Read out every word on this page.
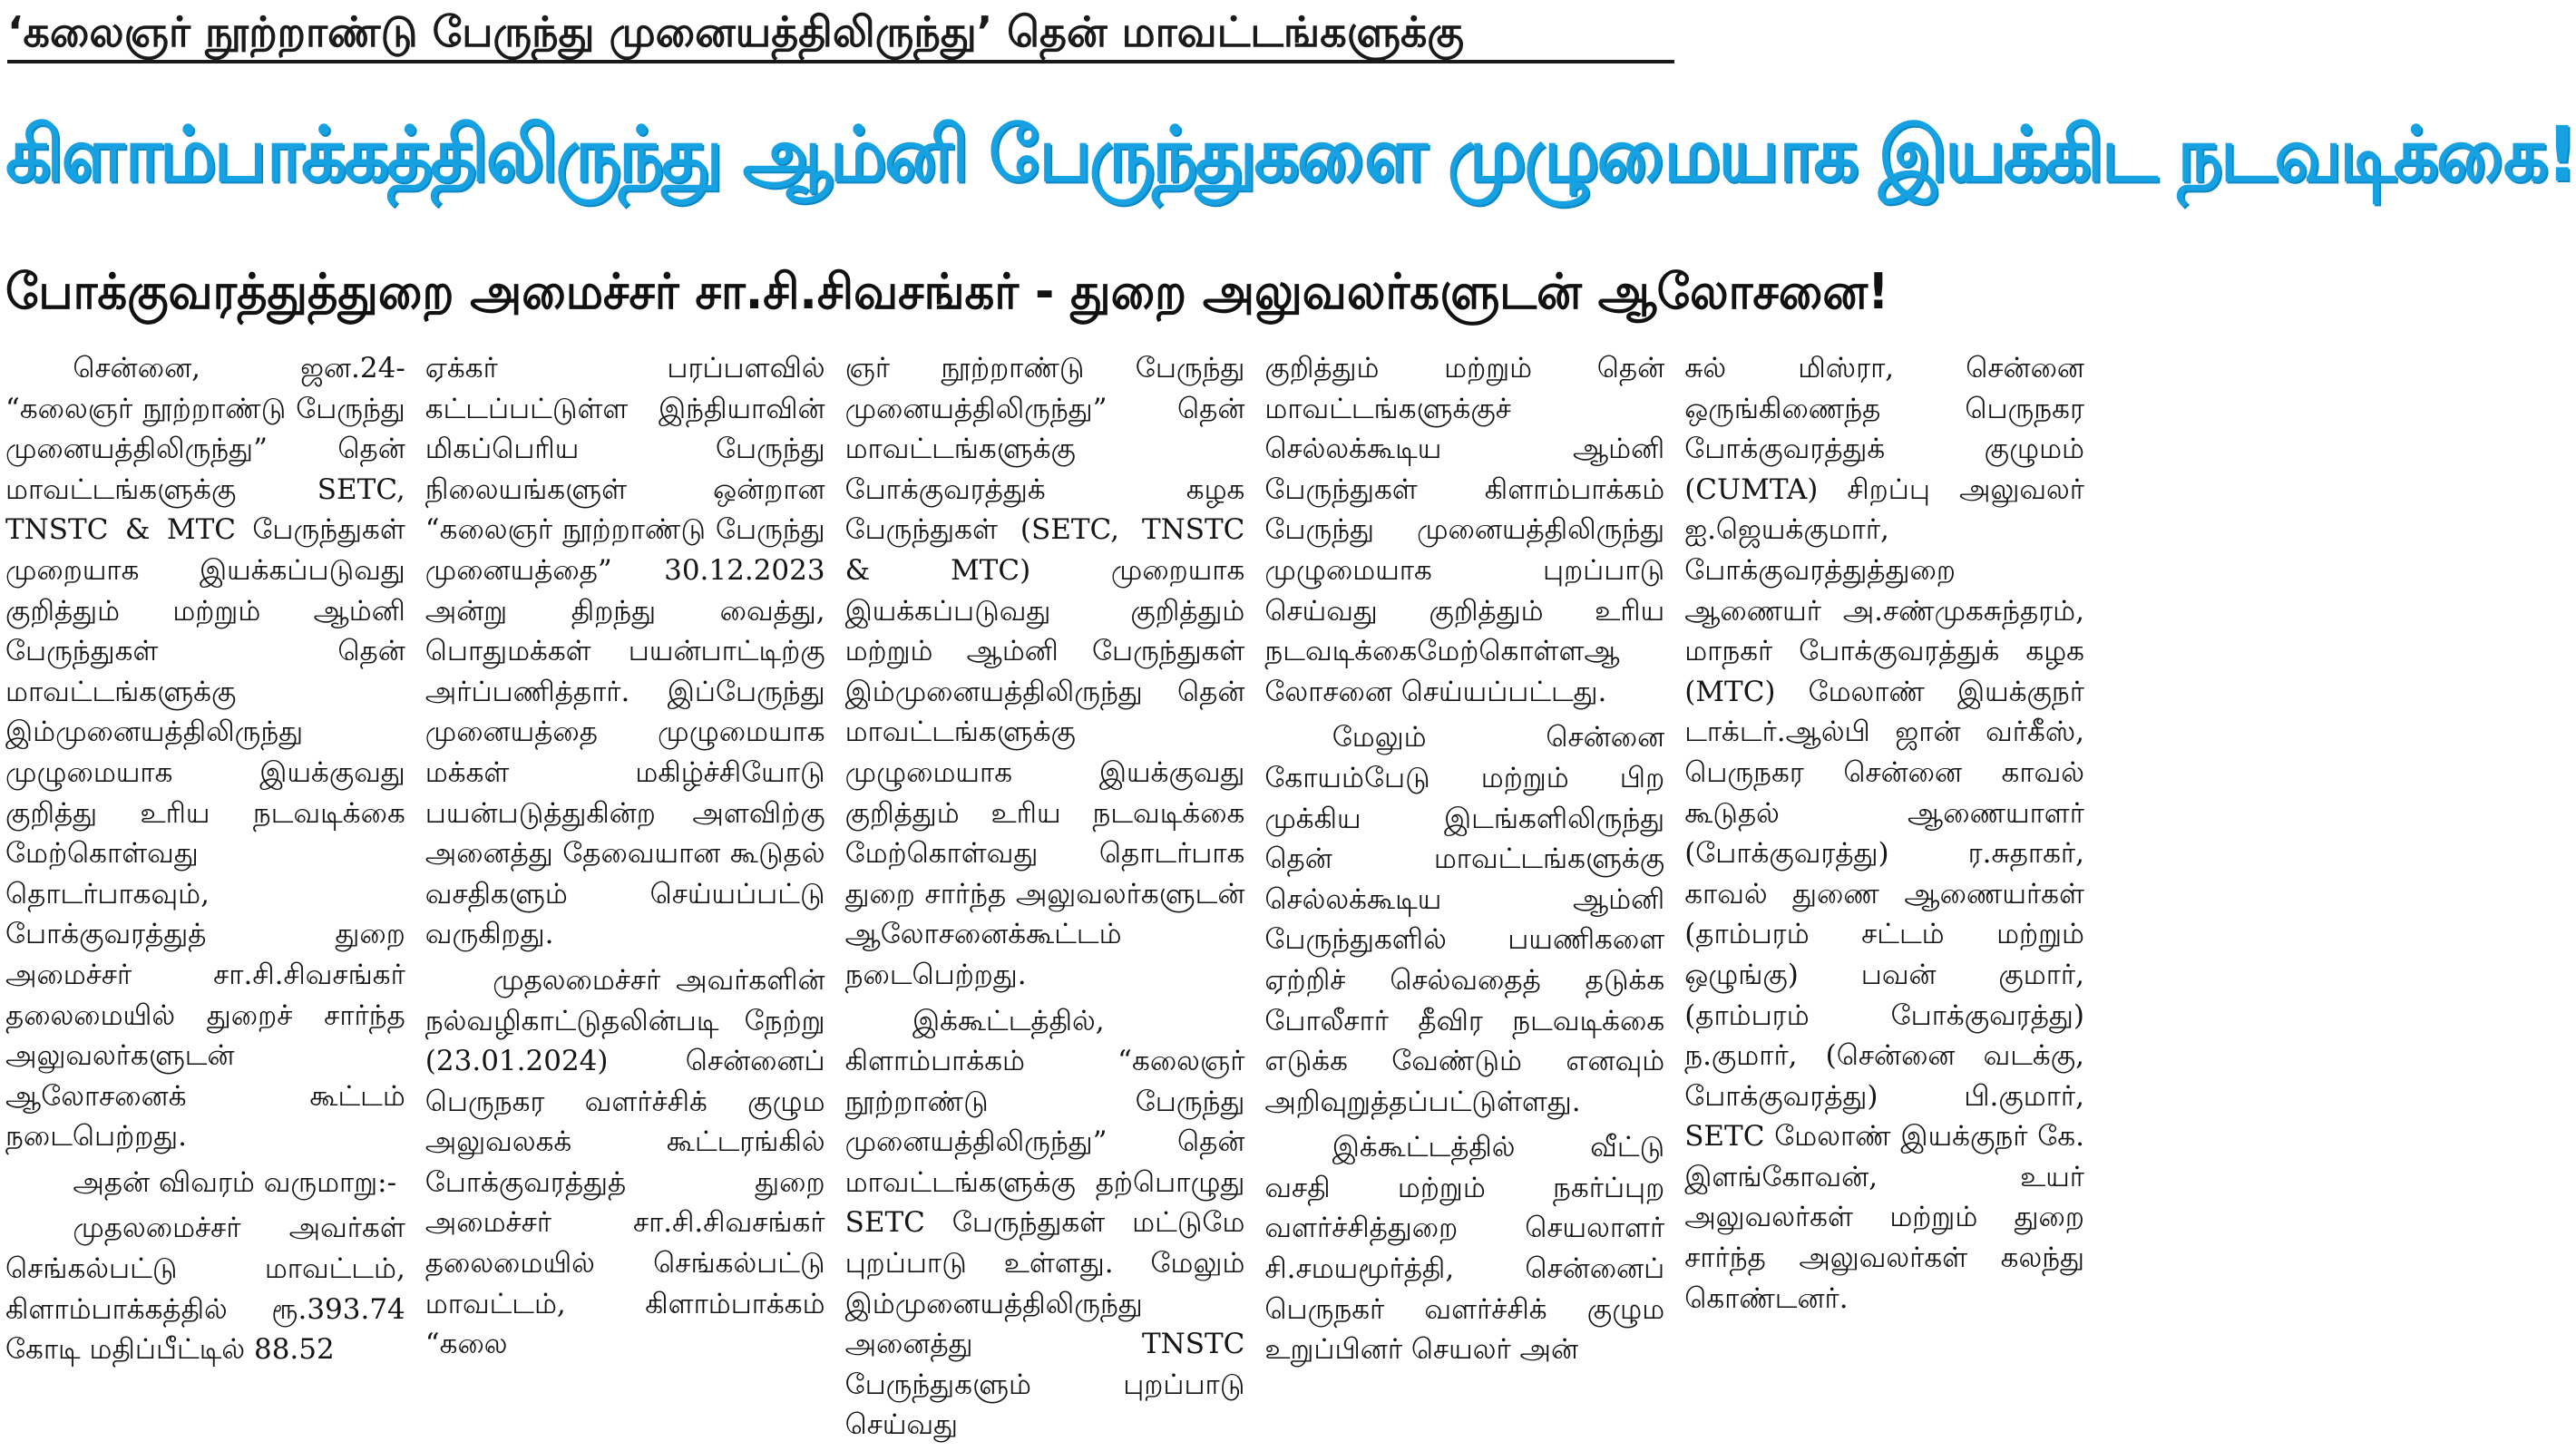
‘கலைஞர் நூற்றாண்டு பேருந்து முனையத்திலிருந்து’ தென் மாவட்டங்களுக்கு
கிளாம்பாக்கத்திலிருந்து ஆம்னி பேருந்துகளை முழுமையாக இயக்கிட நடவடிக்கை!
போக்குவரத்துத்துறை அமைச்சர் சா.சி.சிவசங்கர் - துறை அலுவலர்களுடன் ஆலோசனை!

சென்னை, ஜன.24- “கலைஞர் நூற்றாண்டு பேருந்து முனையத்திலிருந்து” தென் மாவட்டங்களுக்கு SETC, TNSTC & MTC பேருந்துகள் முறையாக இயக்கப்படுவது குறித்தும் மற்றும் ஆம்னி பேருந்துகள் தென் மாவட்டங்களுக்கு இம்முனையத்திலிருந்து முழுமையாக இயக்குவது குறித்து உரிய நடவடிக்கை மேற்கொள்வது தொடர்பாகவும், போக்குவரத்துத் துறை அமைச்சர் சா.சி.சிவசங்கர் தலைமையில் துறைச் சார்ந்த அலுவலர்களுடன் ஆலோசனைக் கூட்டம் நடைபெற்றது.

அதன் விவரம் வருமாறு:-

முதலமைச்சர் அவர்கள் செங்கல்பட்டு மாவட்டம், கிளாம்பாக்கத்தில் ரூ.393.74 கோடி மதிப்பீட்டில் 88.52

ஏக்கர் பரப்பளவில் கட்டப்பட்டுள்ள இந்தியாவின் மிகப்பெரிய பேருந்து நிலையங்களுள் ஒன்றான “கலைஞர் நூற்றாண்டு பேருந்து முனையத்தை” 30.12.2023 அன்று திறந்து வைத்து, பொதுமக்கள் பயன்பாட்டிற்கு அர்ப்பணித்தார். இப்பேருந்து முனையத்தை முழுமையாக மக்கள் மகிழ்ச்சியோடு பயன்படுத்துகின்ற அளவிற்கு அனைத்து தேவையான கூடுதல் வசதிகளும் செய்யப்பட்டு வருகிறது.

முதலமைச்சர் அவர்களின் நல்வழிகாட்டுதலின்படி நேற்று (23.01.2024) சென்னைப் பெருநகர வளர்ச்சிக் குழும அலுவலகக் கூட்டரங்கில் போக்குவரத்துத் துறை அமைச்சர் சா.சி.சிவசங்கர் தலைமையில் செங்கல்பட்டு மாவட்டம், கிளாம்பாக்கம் “கலை

ஞர் நூற்றாண்டு பேருந்து முனையத்திலிருந்து” தென் மாவட்டங்களுக்கு போக்குவரத்துக் கழக பேருந்துகள் (SETC, TNSTC & MTC) முறையாக இயக்கப்படுவது குறித்தும் மற்றும் ஆம்னி பேருந்துகள் இம்முனையத்திலிருந்து தென் மாவட்டங்களுக்கு முழுமையாக இயக்குவது குறித்தும் உரிய நடவடிக்கை மேற்கொள்வது தொடர்பாக துறை சார்ந்த அலுவலர்களுடன் ஆலோசனைக்கூட்டம் நடைபெற்றது.

இக்கூட்டத்தில், கிளாம்பாக்கம் “கலைஞர் நூற்றாண்டு பேருந்து முனையத்திலிருந்து” தென் மாவட்டங்களுக்கு தற்பொழுது SETC பேருந்துகள் மட்டுமே புறப்பாடு உள்ளது. மேலும் இம்முனையத்திலிருந்து அனைத்து TNSTC பேருந்துகளும் புறப்பாடு செய்வது

குறித்தும் மற்றும் தென் மாவட்டங்களுக்குச் செல்லக்கூடிய ஆம்னி பேருந்துகள் கிளாம்பாக்கம் பேருந்து முனையத்திலிருந்து முழுமையாக புறப்பாடு செய்வது குறித்தும் உரிய நடவடிக்கைமேற்கொள்ளஆலோசனை செய்யப்பட்டது.

மேலும் சென்னை கோயம்பேடு மற்றும் பிற முக்கிய இடங்களிலிருந்து தென் மாவட்டங்களுக்கு செல்லக்கூடிய ஆம்னி பேருந்துகளில் பயணிகளை ஏற்றிச் செல்வதைத் தடுக்க போலீசார் தீவிர நடவடிக்கை எடுக்க வேண்டும் எனவும் அறிவுறுத்தப்பட்டுள்ளது.

இக்கூட்டத்தில் வீட்டு வசதி மற்றும் நகர்ப்புற வளர்ச்சித்துறை செயலாளர் சி.சமயமூர்த்தி, சென்னைப் பெருநகர் வளர்ச்சிக் குழும உறுப்பினர் செயலர் அன்

சுல் மிஸ்ரா, சென்னை ஒருங்கிணைந்த பெருநகர போக்குவரத்துக் குழுமம் (CUMTA) சிறப்பு அலுவலர் ஐ.ஜெயக்குமார், போக்குவரத்துத்துறை ஆணையர் அ.சண்முகசுந்தரம், மாநகர் போக்குவரத்துக் கழக (MTC) மேலாண் இயக்குநர் டாக்டர்.ஆல்பி ஜான் வர்கீஸ், பெருநகர சென்னை காவல் கூடுதல் ஆணையாளர் (போக்குவரத்து) ர.சுதாகர், காவல் துணை ஆணையர்கள் (தாம்பரம் சட்டம் மற்றும் ஒழுங்கு) பவன் குமார், (தாம்பரம் போக்குவரத்து) ந.குமார், (சென்னை வடக்கு, போக்குவரத்து) பி.குமார், SETC மேலாண் இயக்குநர் கே. இளங்கோவன், உயர் அலுவலர்கள் மற்றும் துறை சார்ந்த அலுவலர்கள் கலந்து கொண்டனர்.
